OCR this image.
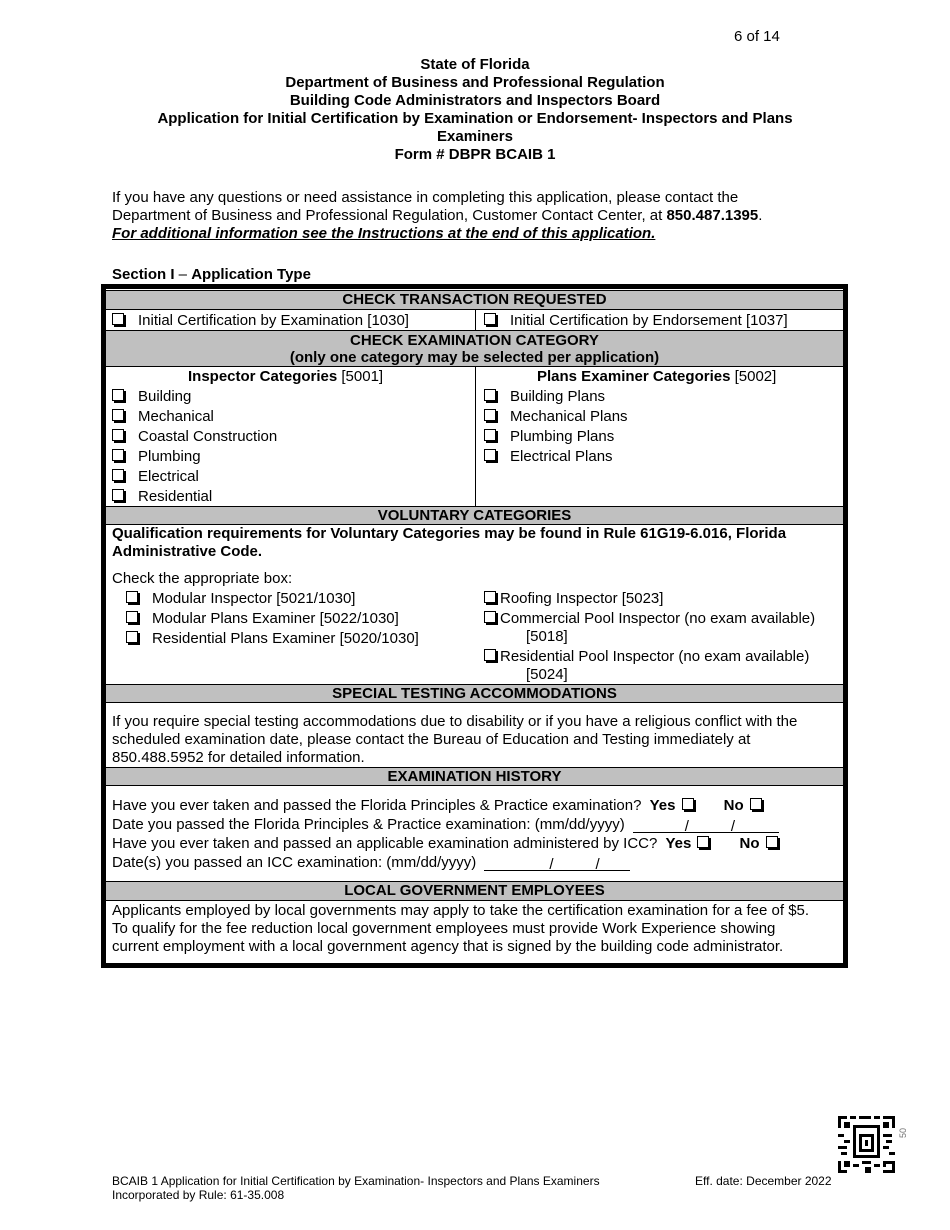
6 of 14
State of Florida
Department of Business and Professional Regulation
Building Code Administrators and Inspectors Board
Application for Initial Certification by Examination or Endorsement- Inspectors and Plans
Examiners
Form # DBPR BCAIB 1
If you have any questions or need assistance in completing this application, please contact the
Department of Business and Professional Regulation, Customer Contact Center, at 850.487.1395.
For additional information see the Instructions at the end of this application.
Section I – Application Type
CHECK TRANSACTION REQUESTED
Initial Certification by Examination [1030]	Initial Certification by Endorsement [1037]
CHECK EXAMINATION CATEGORY
(only one category may be selected per application)
Inspector Categories [5001]
Building
Mechanical
Coastal Construction
Plumbing
Electrical
Residential
Plans Examiner Categories [5002]
Building Plans
Mechanical Plans
Plumbing Plans
Electrical Plans
VOLUNTARY CATEGORIES
Qualification requirements for Voluntary Categories may be found in Rule 61G19-6.016, Florida
Administrative Code.
Check the appropriate box:
Modular Inspector [5021/1030]
Modular Plans Examiner [5022/1030]
Residential Plans Examiner [5020/1030]
Roofing Inspector [5023]
Commercial Pool Inspector (no exam available)
[5018]
Residential Pool Inspector (no exam available)
[5024]
SPECIAL TESTING ACCOMMODATIONS
If you require special testing accommodations due to disability or if you have a religious conflict with the
scheduled examination date, please contact the Bureau of Education and Testing immediately at
850.488.5952 for detailed information.
EXAMINATION HISTORY
Have you ever taken and passed the Florida Principles & Practice examination? Yes	No
Date you passed the Florida Principles & Practice examination: (mm/dd/yyyy)	/	/
Have you ever taken and passed an applicable examination administered by ICC? Yes	No
Date(s) you passed an ICC examination: (mm/dd/yyyy)	/	/
LOCAL GOVERNMENT EMPLOYEES
Applicants employed by local governments may apply to take the certification examination for a fee of $5.
To qualify for the fee reduction local government employees must provide Work Experience showing
current employment with a local government agency that is signed by the building code administrator.
50
BCAIB 1 Application for Initial Certification by Examination- Inspectors and Plans Examiners
Incorporated by Rule: 61-35.008
Eff. date: December 2022
